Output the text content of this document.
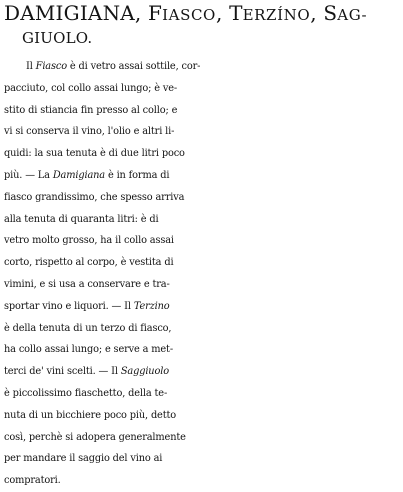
DAMIGIANA, FIASCO, TERZÍNO, SAG-
GIUOLO.
Il Fiasco è di vetro assai sottile, cor-
pacciuto, col collo assai lungo; è ve-
stito di stiancia fin presso al collo; e
vi si conserva il vino, l'olio e altri li-
quidi: la sua tenuta è di due litri poco
più. — La Damigiana è in forma di
fiasco grandissimo, che spesso arriva
alla tenuta di quaranta litri: è di
vetro molto grosso, ha il collo assai
corto, rispetto al corpo, è vestita di
vimini, e si usa a conservare e tra-
sportar vino e liquori. — Il Terzino
è della tenuta di un terzo di fiasco,
ha collo assai lungo; e serve a met-
terci de' vini scelti. — Il Saggiuolo
è piccolissimo fiaschetto, della te-
nuta di un bicchiere poco più, detto
così, perchè si adopera generalmente
per mandare il saggio del vino ai
compratori.
